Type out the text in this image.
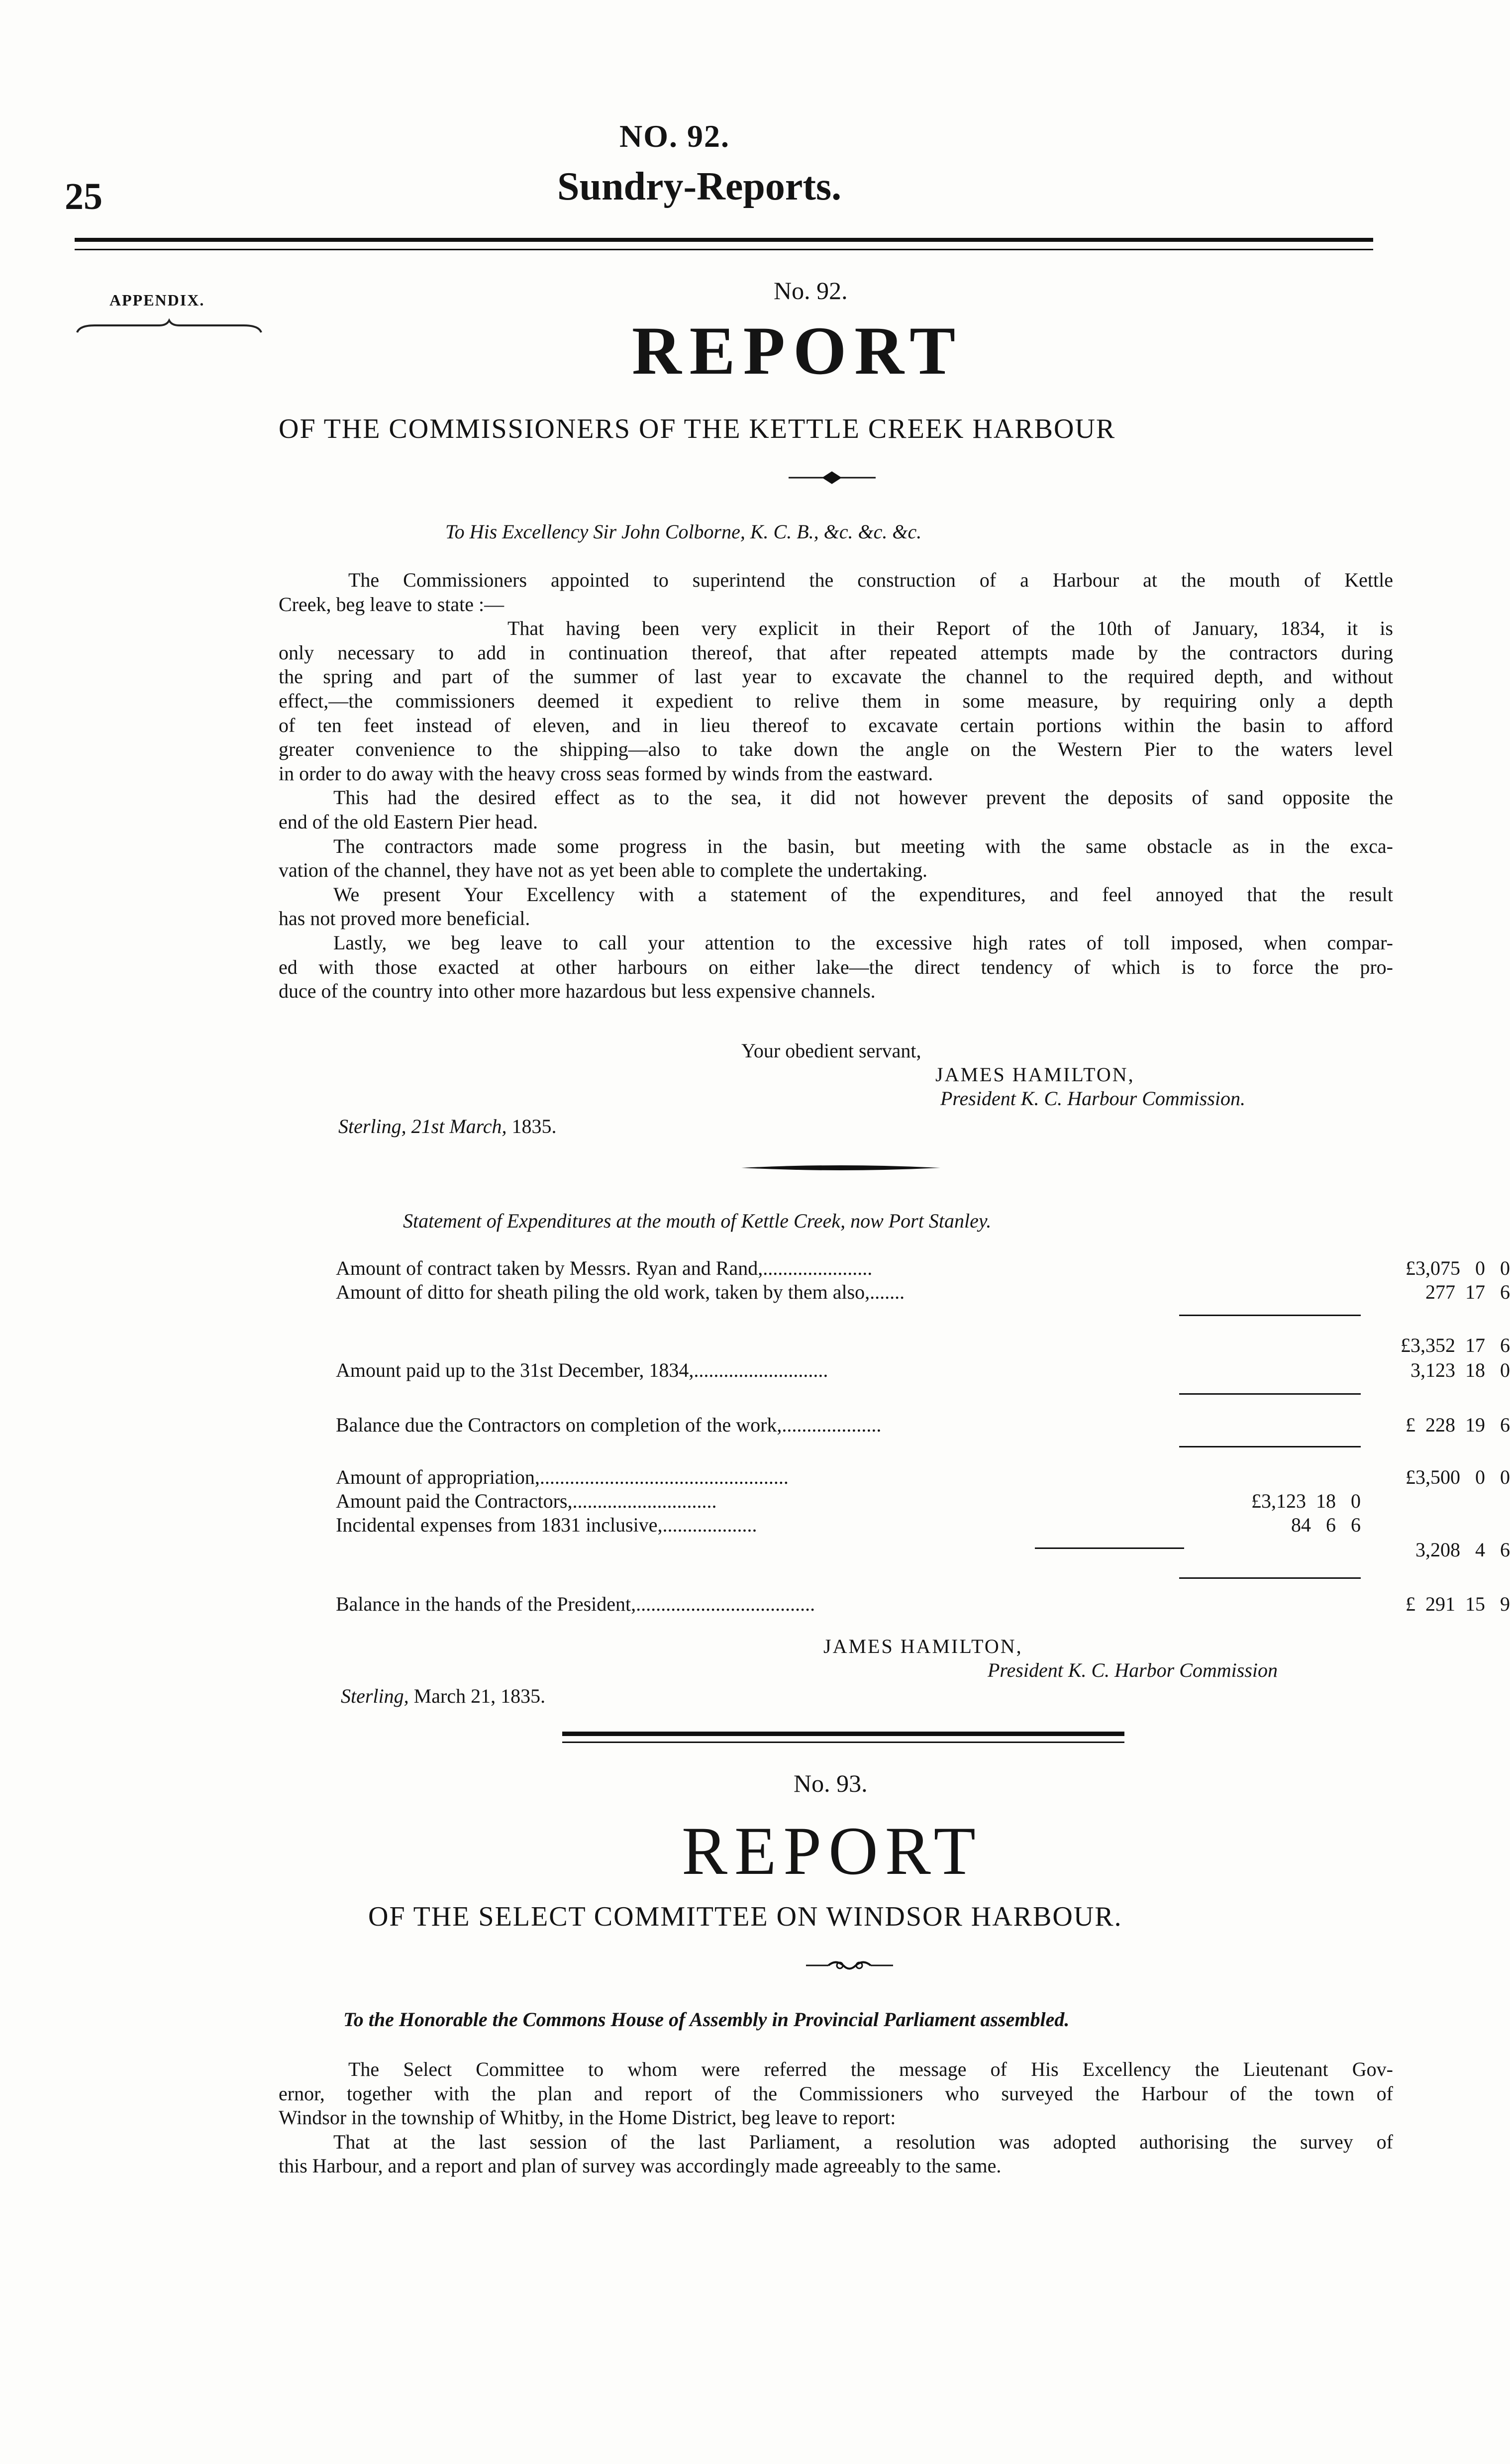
25
NO. 92.
Sundry-Reports.
APPENDIX.	No. 92.
REPORT
OF THE COMMISSIONERS OF THE KETTLE CREEK HARBOUR
To His Excellency Sir John Colborne, K. C. B., &c. &c. &c.
The Commissioners appointed to superintend the construction of a Harbour at the mouth of Kettle
Creek, beg leave to state :—
That having been very explicit in their Report of the 10th of January, 1834, it is
only necessary to add in continuation thereof, that after repeated attempts made by the contractors during
the spring and part of the summer of last year to excavate the channel to the required depth, and without
effect,—the commissioners deemed it expedient to relive them in some measure, by requiring only a depth
of ten feet instead of eleven, and in lieu thereof to excavate certain portions within the basin to afford
greater convenience to the shipping—also to take down the angle on the Western Pier to the waters level
in order to do away with the heavy cross seas formed by winds from the eastward.
This had the desired effect as to the sea, it did not however prevent the deposits of sand opposite the
end of the old Eastern Pier head.
The contractors made some progress in the basin, but meeting with the same obstacle as in the exca-
vation of the channel, they have not as yet been able to complete the undertaking.
We present Your Excellency with a statement of the expenditures, and feel annoyed that the result
has not proved more beneficial.
Lastly, we beg leave to call your attention to the excessive high rates of toll imposed, when compar-
ed with those exacted at other harbours on either lake—the direct tendency of which is to force the pro-
duce of the country into other more hazardous but less expensive channels.
Your obedient servant,
JAMES HAMILTON,
President K. C. Harbour Commission.
Sterling, 21st March, 1835.
Statement of Expenditures at the mouth of Kettle Creek, now Port Stanley.
Amount of contract taken by Messrs. Ryan and Rand,......................	£3,075   0   0
Amount of ditto for sheath piling the old work, taken by them also,.......	277  17   6
£3,352  17   6
Amount paid up to the 31st December, 1834,...........................	3,123  18   0
Balance due the Contractors on completion of the work,....................	£  228  19   6
Amount of appropriation,..................................................	£3,500   0   0
Amount paid the Contractors,.............................	£3,123  18   0
Incidental expenses from 1831 inclusive,...................	84   6   6
3,208   4   6
Balance in the hands of the President,....................................	£  291  15   9
JAMES HAMILTON,
President K. C. Harbor Commission
Sterling, March 21, 1835.
No. 93.
REPORT
OF THE SELECT COMMITTEE ON WINDSOR HARBOUR.
To the Honorable the Commons House of Assembly in Provincial Parliament assembled.
The Select Committee to whom were referred the message of His Excellency the Lieutenant Gov-
ernor, together with the plan and report of the Commissioners who surveyed the Harbour of the town of
Windsor in the township of Whitby, in the Home District, beg leave to report:
That at the last session of the last Parliament, a resolution was adopted authorising the survey of
this Harbour, and a report and plan of survey was accordingly made agreeably to the same.
